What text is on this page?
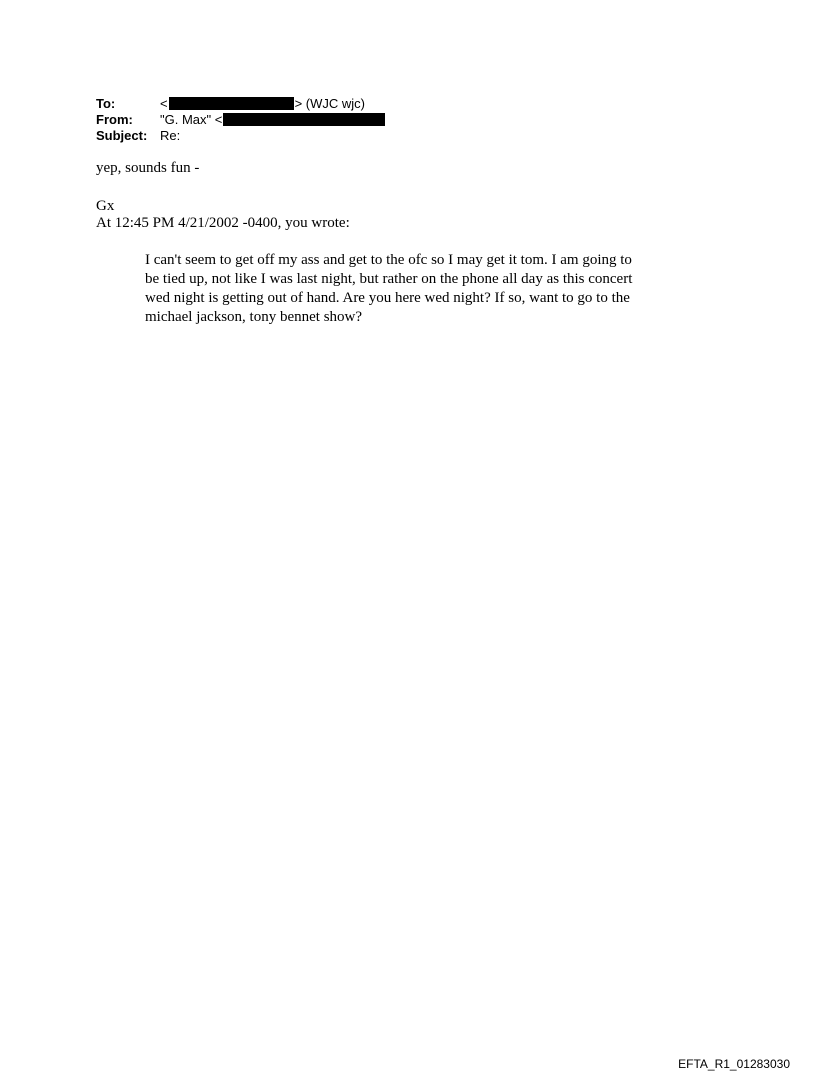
To:	<	> (WJC wjc)
From: "G. Max" <
Subject: Re:
yep, sounds fun -
Gx
At 12:45 PM 4/21/2002 -0400, you wrote:
I can't seem to get off my ass and get to the ofc so I may get it tom. I am going to
be tied up, not like I was last night, but rather on the phone all day as this concert
wed night is getting out of hand. Are you here wed night? If so, want to go to the
michael jackson, tony bennet show?
EFTA_R1_01283030
